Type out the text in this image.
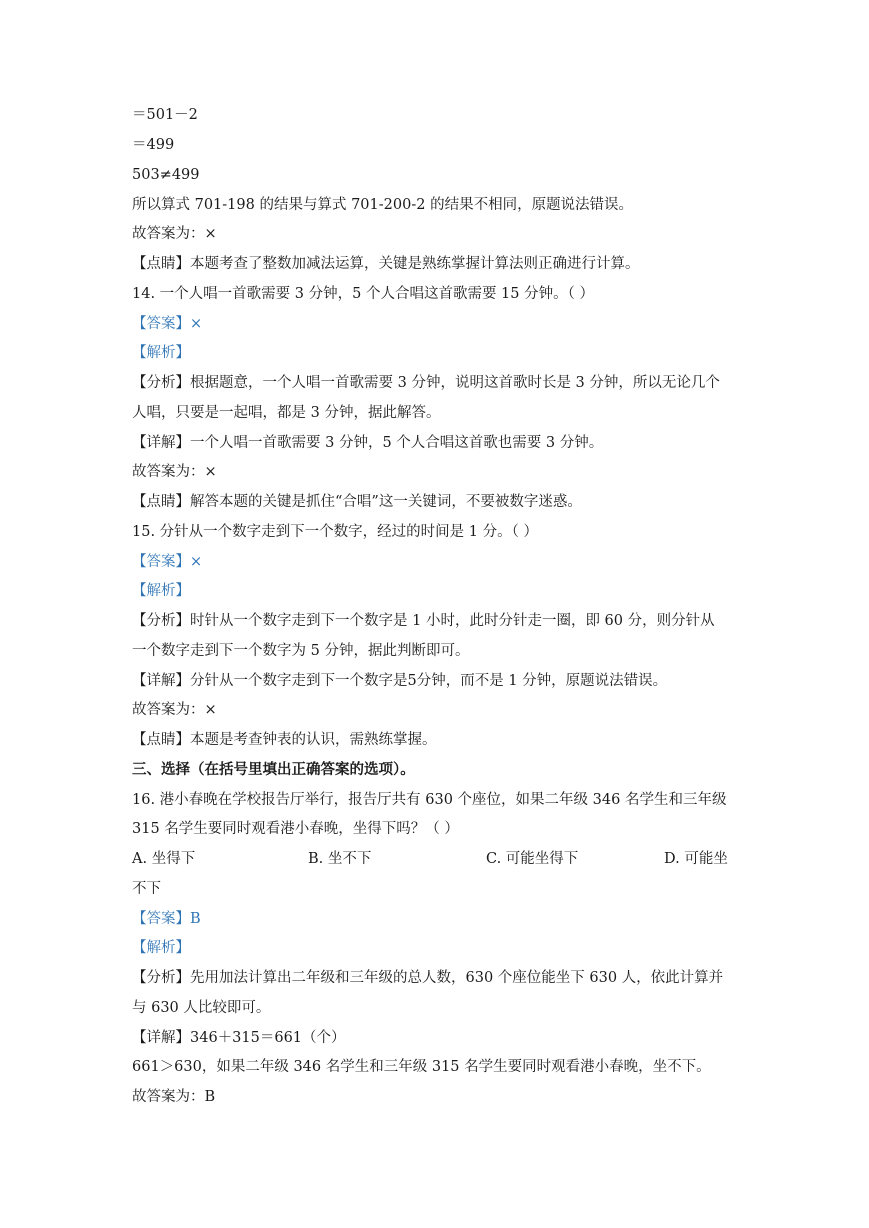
＝501－2
＝499
503≠499
所以算式 701-198 的结果与算式 701-200-2 的结果不相同，原题说法错误。
故答案为：×
【点睛】本题考查了整数加减法运算，关键是熟练掌握计算法则正确进行计算。
14. 一个人唱一首歌需要 3 分钟，5 个人合唱这首歌需要 15 分钟。（ ）
【答案】×
【解析】
【分析】根据题意，一个人唱一首歌需要 3 分钟，说明这首歌时长是 3 分钟，所以无论几个
人唱，只要是一起唱，都是 3 分钟，据此解答。
【详解】一个人唱一首歌需要 3 分钟，5 个人合唱这首歌也需要 3 分钟。
故答案为：×
【点睛】解答本题的关键是抓住“合唱”这一关键词，不要被数字迷惑。
15. 分针从一个数字走到下一个数字，经过的时间是 1 分。（ ）
【答案】×
【解析】
【分析】时针从一个数字走到下一个数字是 1 小时，此时分针走一圈，即 60 分，则分针从
一个数字走到下一个数字为 5 分钟，据此判断即可。
【详解】分针从一个数字走到下一个数字是5分钟，而不是 1 分钟，原题说法错误。
故答案为：×
【点睛】本题是考查钟表的认识，需熟练掌握。
三、选择（在括号里填出正确答案的选项）。
16. 港小春晚在学校报告厅举行，报告厅共有 630 个座位，如果二年级 346 名学生和三年级
315 名学生要同时观看港小春晚，坐得下吗？（ ）
A. 坐得下	B. 坐不下	C. 可能坐得下	D. 可能坐
不下
【答案】B
【解析】
【分析】先用加法计算出二年级和三年级的总人数，630 个座位能坐下 630 人，依此计算并
与 630 人比较即可。
【详解】346＋315＝661（个）
661＞630，如果二年级 346 名学生和三年级 315 名学生要同时观看港小春晚，坐不下。
故答案为：B
